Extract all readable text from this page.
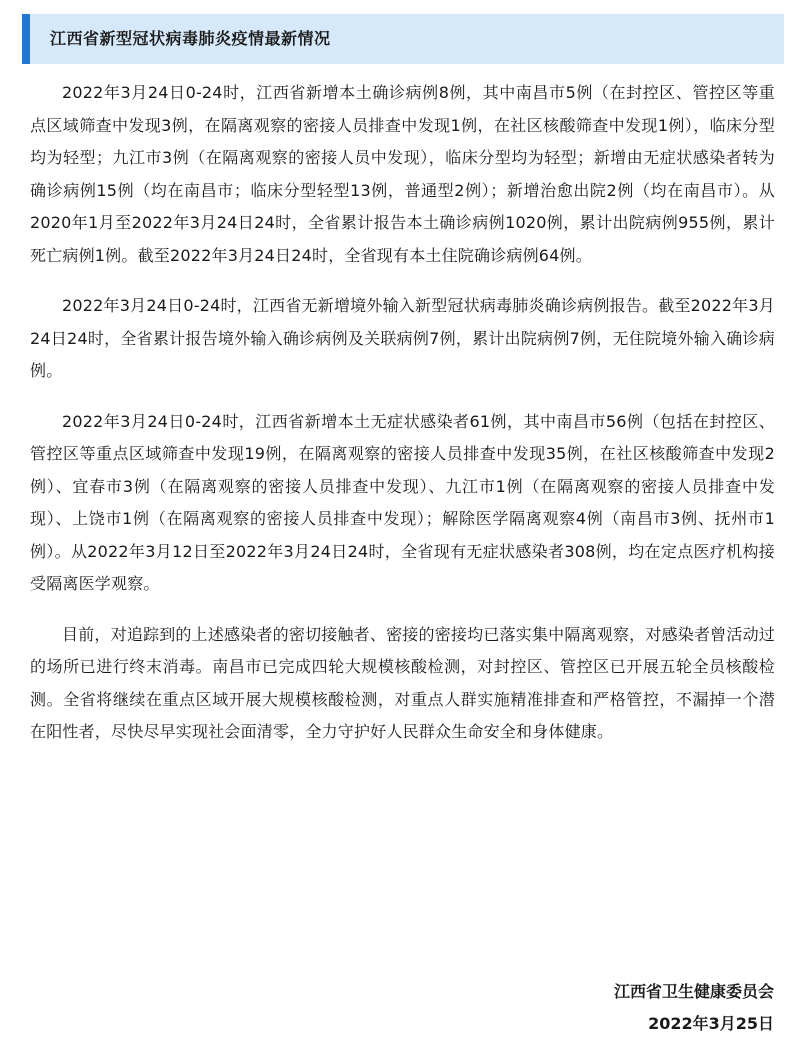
江西省新型冠状病毒肺炎疫情最新情况

2022年3月24日0-24时，江西省新增本土确诊病例8例，其中南昌市5例（在封控区、管控区等重点区域筛查中发现3例，在隔离观察的密接人员排查中发现1例，在社区核酸筛查中发现1例），临床分型均为轻型；九江市3例（在隔离观察的密接人员中发现），临床分型均为轻型；新增由无症状感染者转为确诊病例15例（均在南昌市；临床分型轻型13例，普通型2例）；新增治愈出院2例（均在南昌市）。从2020年1月至2022年3月24日24时，全省累计报告本土确诊病例1020例，累计出院病例955例，累计死亡病例1例。截至2022年3月24日24时，全省现有本土住院确诊病例64例。

2022年3月24日0-24时，江西省无新增境外输入新型冠状病毒肺炎确诊病例报告。截至2022年3月24日24时，全省累计报告境外输入确诊病例及关联病例7例，累计出院病例7例，无住院境外输入确诊病例。

2022年3月24日0-24时，江西省新增本土无症状感染者61例，其中南昌市56例（包括在封控区、管控区等重点区域筛查中发现19例，在隔离观察的密接人员排查中发现35例，在社区核酸筛查中发现2例）、宜春市3例（在隔离观察的密接人员排查中发现）、九江市1例（在隔离观察的密接人员排查中发现）、上饶市1例（在隔离观察的密接人员排查中发现）；解除医学隔离观察4例（南昌市3例、抚州市1例）。从2022年3月12日至2022年3月24日24时，全省现有无症状感染者308例，均在定点医疗机构接受隔离医学观察。

目前，对追踪到的上述感染者的密切接触者、密接的密接均已落实集中隔离观察，对感染者曾活动过的场所已进行终末消毒。南昌市已完成四轮大规模核酸检测，对封控区、管控区已开展五轮全员核酸检测。全省将继续在重点区域开展大规模核酸检测，对重点人群实施精准排查和严格管控，不漏掉一个潜在阳性者，尽快尽早实现社会面清零，全力守护好人民群众生命安全和身体健康。

江西省卫生健康委员会
2022年3月25日
